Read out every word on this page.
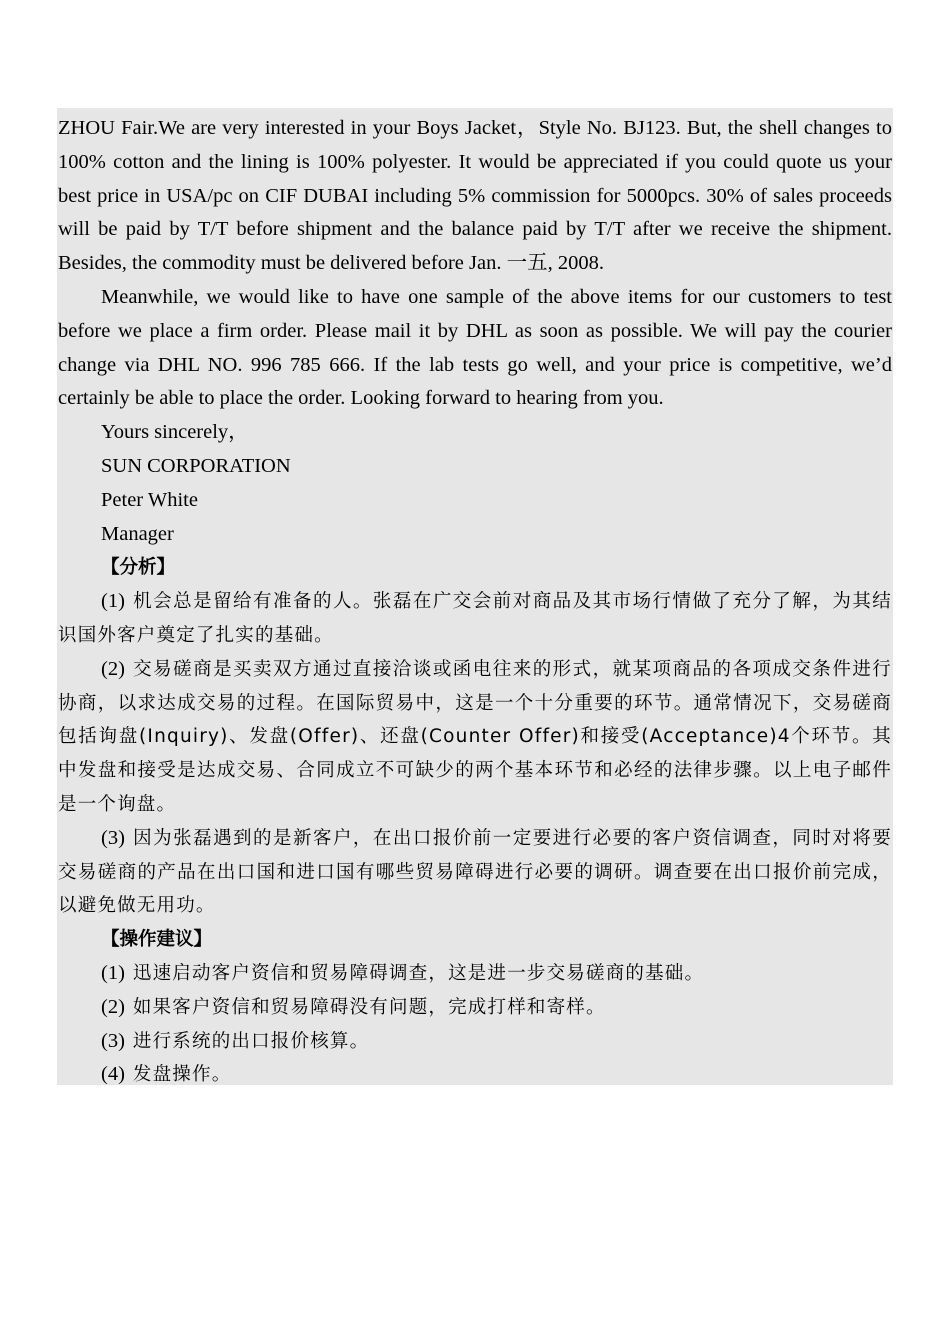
ZHOU Fair.We are very interested in your Boys Jacket，Style No. BJ123. But, the shell changes to 100% cotton and the lining is 100% polyester. It would be appreciated if you could quote us your best price in USA/pc on CIF DUBAI including 5% commission for 5000pcs. 30% of sales proceeds will be paid by T/T before shipment and the balance paid by T/T after we receive the shipment. Besides, the commodity must be delivered before Jan. 一五, 2008.

Meanwhile, we would like to have one sample of the above items for our customers to test before we place a firm order. Please mail it by DHL as soon as possible. We will pay the courier change via DHL NO. 996 785 666. If the lab tests go well, and your price is competitive, we’d certainly be able to place the order. Looking forward to hearing from you.

Yours sincerely，

SUN CORPORATION

Peter White

Manager

【分析】

(1) 机会总是留给有准备的人。张磊在广交会前对商品及其市场行情做了充分了解，为其结识国外客户奠定了扎实的基础。

(2) 交易磋商是买卖双方通过直接洽谈或函电往来的形式，就某项商品的各项成交条件进行协商，以求达成交易的过程。在国际贸易中，这是一个十分重要的环节。通常情况下，交易磋商包括询盘(Inquiry)、发盘(Offer)、还盘(Counter Offer)和接受(Acceptance)4个环节。其中发盘和接受是达成交易、合同成立不可缺少的两个基本环节和必经的法律步骤。以上电子邮件是一个询盘。

(3) 因为张磊遇到的是新客户，在出口报价前一定要进行必要的客户资信调查，同时对将要交易磋商的产品在出口国和进口国有哪些贸易障碍进行必要的调研。调查要在出口报价前完成，以避免做无用功。

【操作建议】

(1) 迅速启动客户资信和贸易障碍调查，这是进一步交易磋商的基础。

(2) 如果客户资信和贸易障碍没有问题，完成打样和寄样。

(3) 进行系统的出口报价核算。

(4) 发盘操作。
